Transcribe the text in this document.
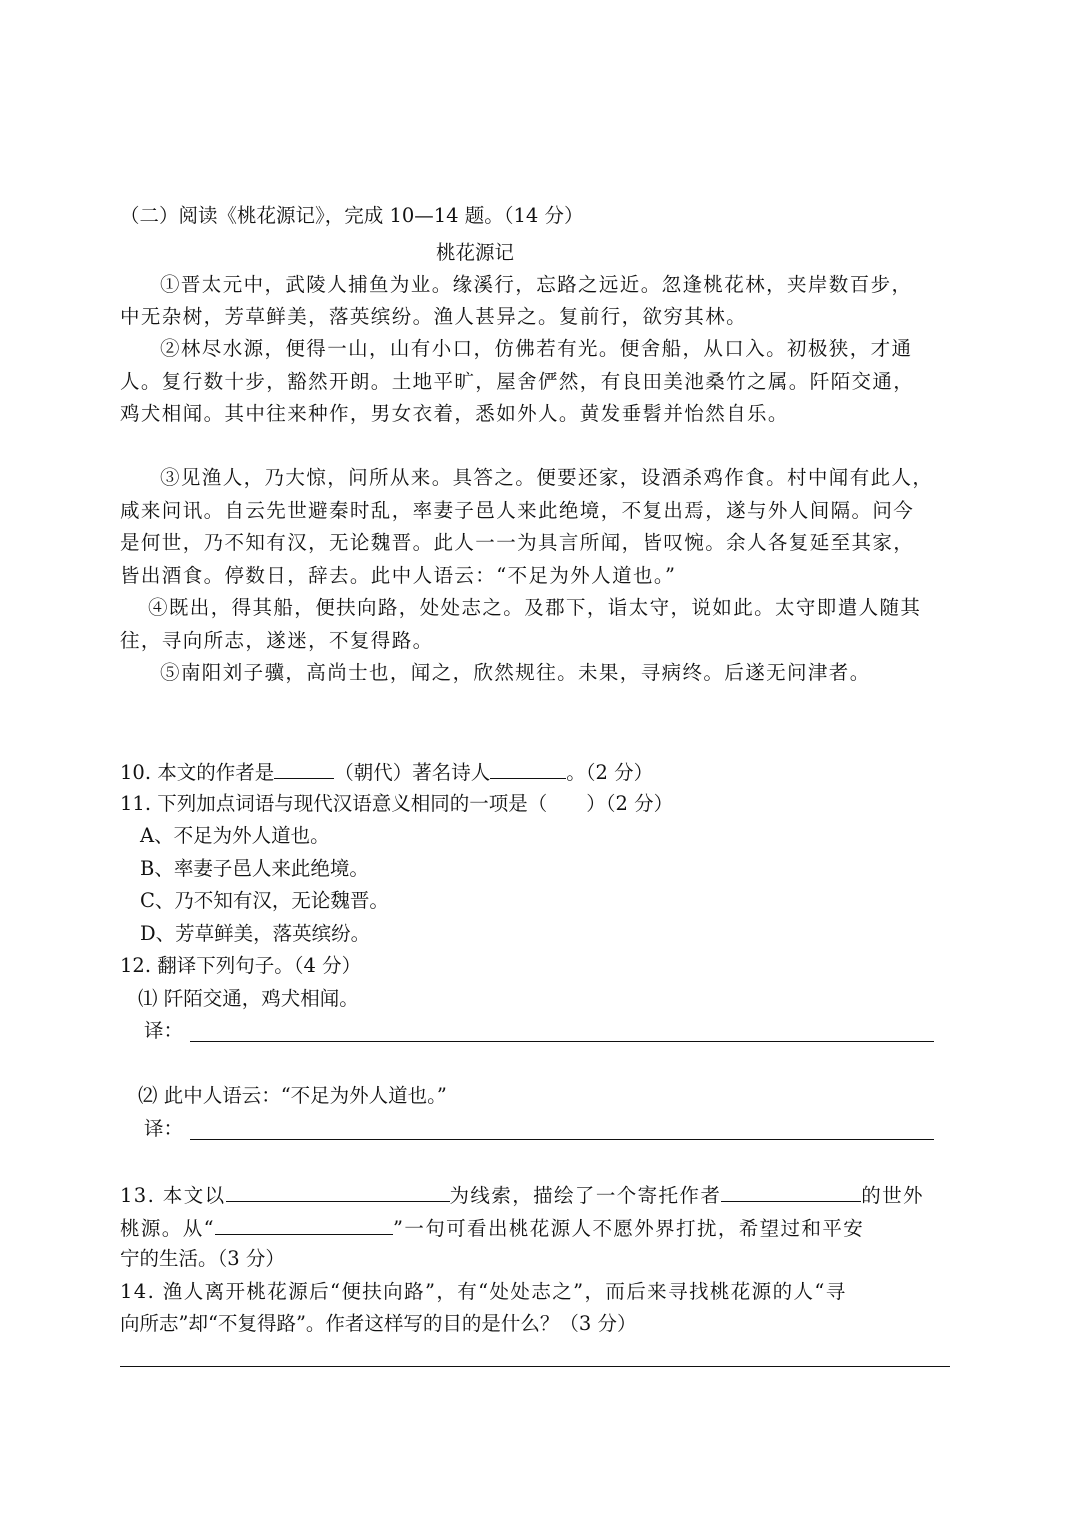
（二）阅读《桃花源记》，完成 10—14 题。（14 分）
桃花源记
①晋太元中，武陵人捕鱼为业。缘溪行，忘路之远近。忽逢桃花林，夹岸数百步，
中无杂树，芳草鲜美，落英缤纷。渔人甚异之。复前行，欲穷其林。
②林尽水源，便得一山，山有小口，仿佛若有光。便舍船，从口入。初极狭，才通
人。复行数十步，豁然开朗。土地平旷，屋舍俨然，有良田美池桑竹之属。阡陌交通，
鸡犬相闻。其中往来种作，男女衣着，悉如外人。黄发垂髫并怡然自乐。
③见渔人，乃大惊，问所从来。具答之。便要还家，设酒杀鸡作食。村中闻有此人，
咸来问讯。自云先世避秦时乱，率妻子邑人来此绝境，不复出焉，遂与外人间隔。问今
是何世，乃不知有汉，无论魏晋。此人一一为具言所闻，皆叹惋。余人各复延至其家，
皆出酒食。停数日，辞去。此中人语云：“不足为外人道也。”
④既出，得其船，便扶向路，处处志之。及郡下，诣太守，说如此。太守即遣人随其
往，寻向所志，遂迷，不复得路。
⑤南阳刘子骥，高尚士也，闻之，欣然规往。未果，寻病终。后遂无问津者。
10. 本文的作者是	（朝代）著名诗人	。（2 分）
11. 下列加点词语与现代汉语意义相同的一项是（　　）（2 分）
A、不足为外人道也。
B、率妻子邑人来此绝境。
C、乃不知有汉，无论魏晋。
D、芳草鲜美，落英缤纷。
12. 翻译下列句子。（4 分）
⑴ 阡陌交通，鸡犬相闻。
译：
⑵ 此中人语云：“不足为外人道也。”
译：
13. 本文以	为线索，描绘了一个寄托作者	的世外
桃源。从“	”一句可看出桃花源人不愿外界打扰，希望过和平安
宁的生活。（3 分）
14. 渔人离开桃花源后“便扶向路”，有“处处志之”，而后来寻找桃花源的人“寻
向所志”却“不复得路”。作者这样写的目的是什么？（3 分）
